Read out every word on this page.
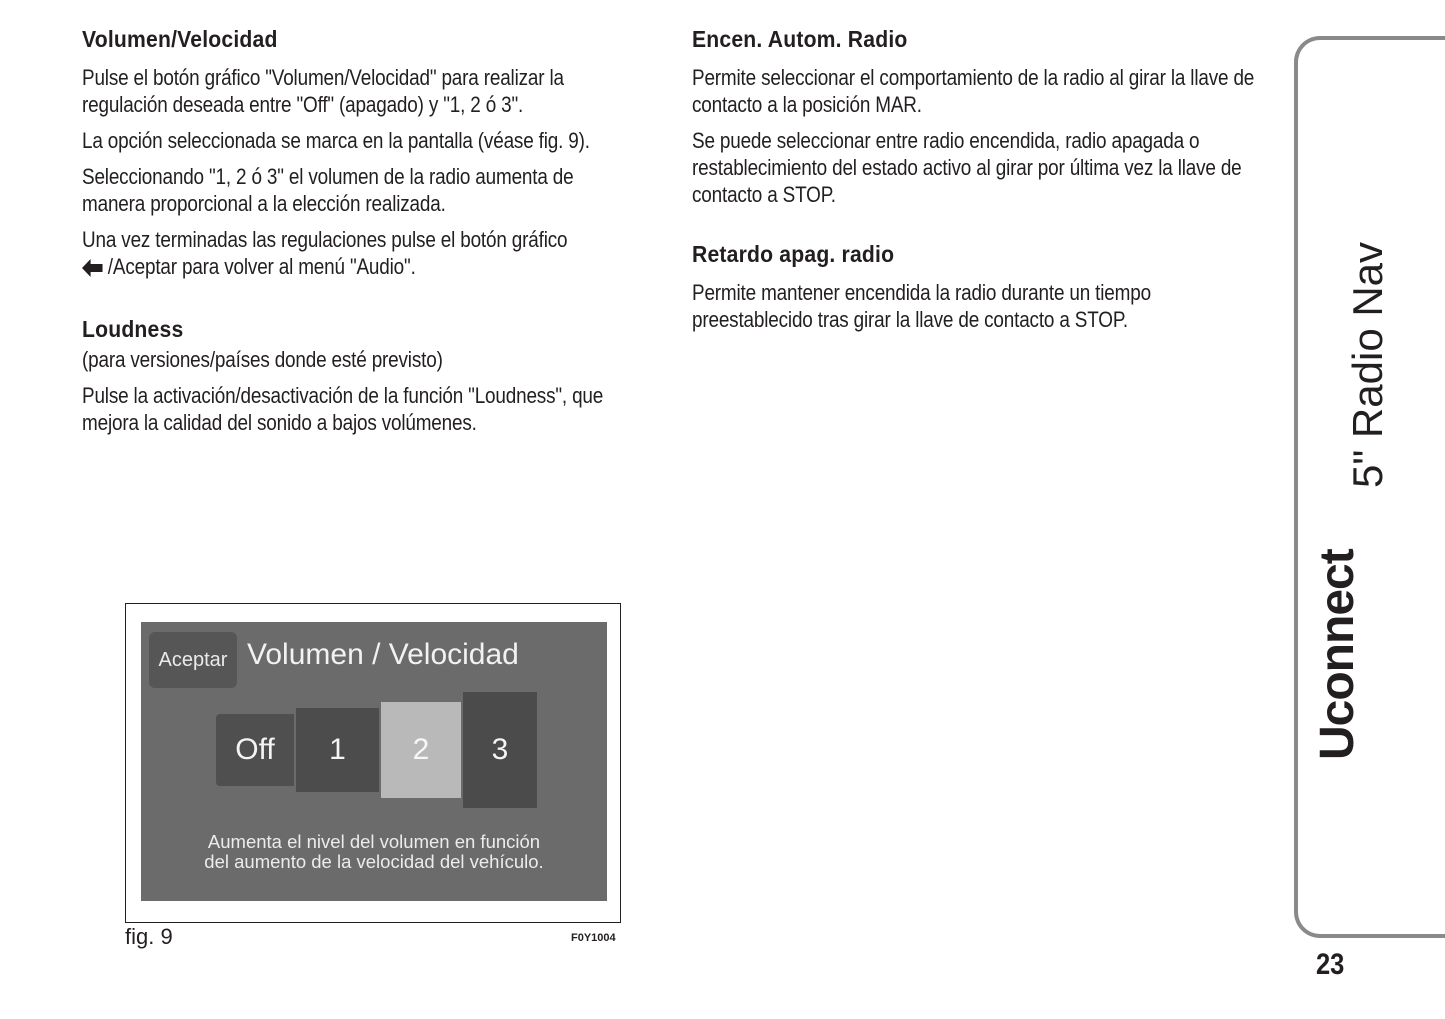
Volumen/Velocidad

Pulse el botón gráfico "Volumen/Velocidad" para realizar la regulación deseada entre "Off" (apagado) y "1, 2 ó 3".

La opción seleccionada se marca en la pantalla (véase fig. 9).

Seleccionando "1, 2 ó 3" el volumen de la radio aumenta de manera proporcional a la elección realizada.

Una vez terminadas las regulaciones pulse el botón gráfico
/Aceptar para volver al menú "Audio".

Loudness

(para versiones/países donde esté previsto)

Pulse la activación/desactivación de la función "Loudness", que mejora la calidad del sonido a bajos volúmenes.

Encen. Autom. Radio

Permite seleccionar el comportamiento de la radio al girar la llave de contacto a la posición MAR.

Se puede seleccionar entre radio encendida, radio apagada o restablecimiento del estado activo al girar por última vez la llave de contacto a STOP.

Retardo apag. radio

Permite mantener encendida la radio durante un tiempo preestablecido tras girar la llave de contacto a STOP.

Aceptar Volumen / Velocidad
Off	1	2	3
Aumenta el nivel del volumen en función
del aumento de la velocidad del vehículo.
fig. 9	F0Y1004
Uconnect
5" Radio Nav
23
